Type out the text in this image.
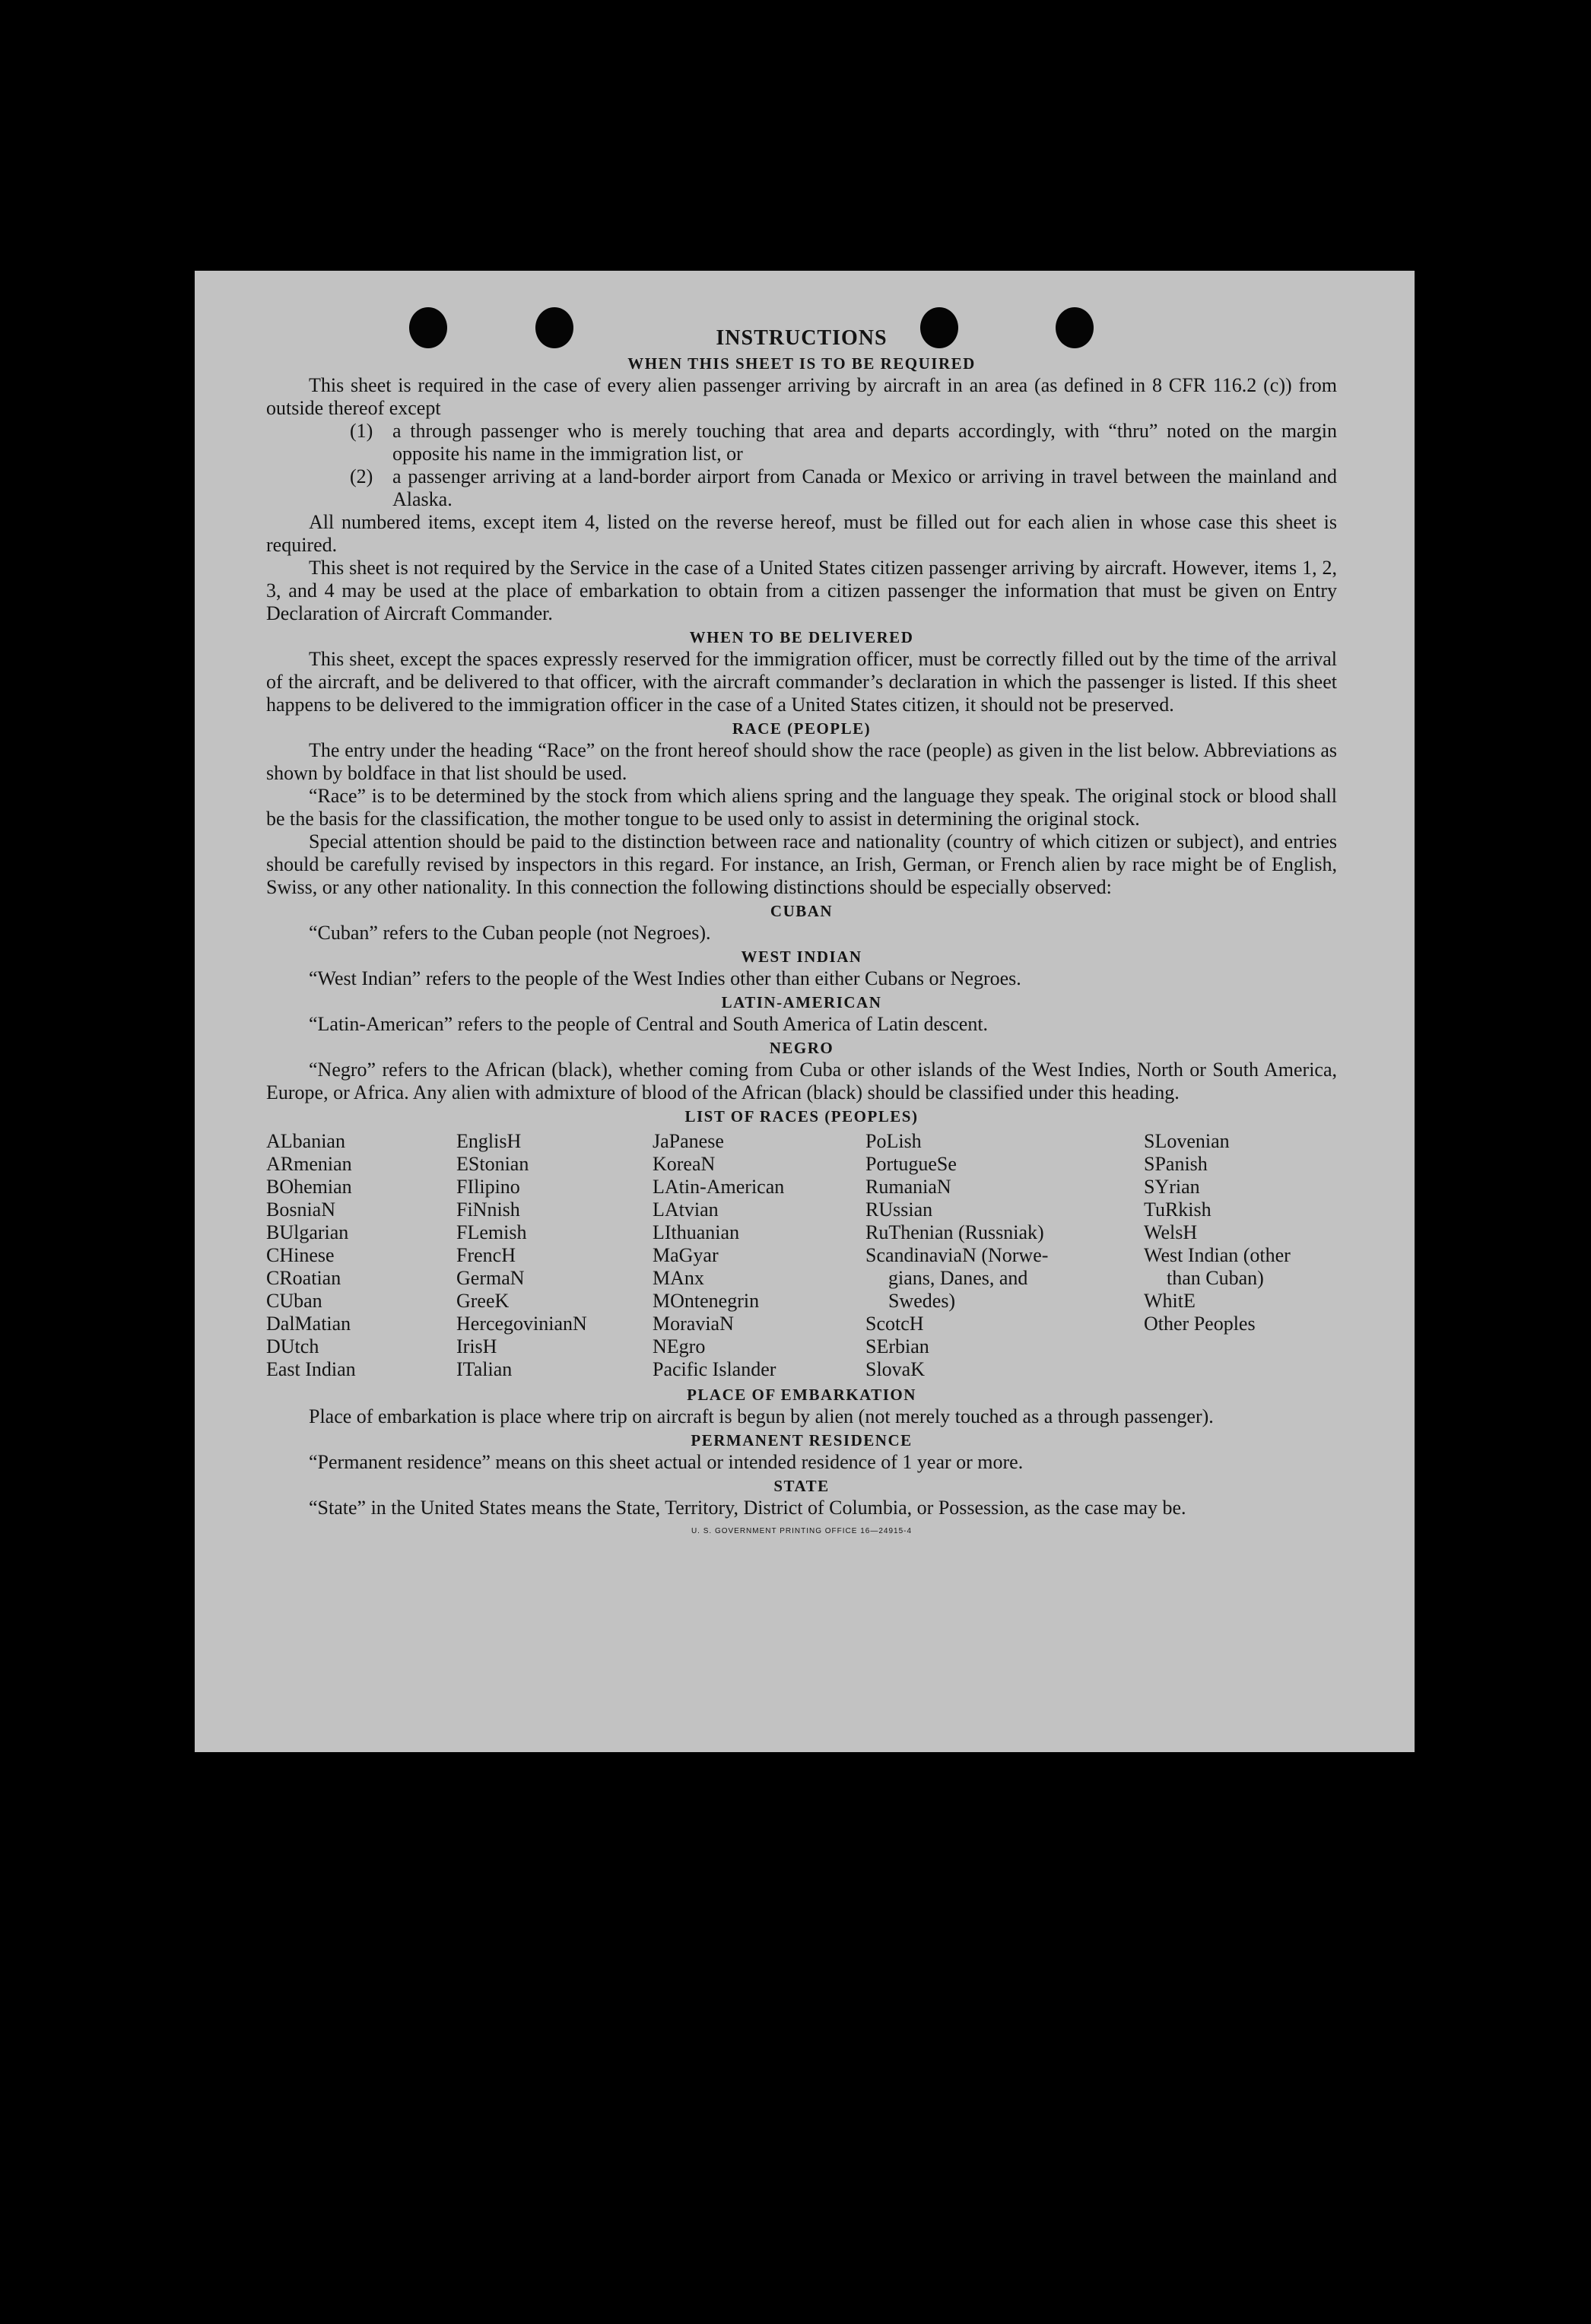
INSTRUCTIONS
WHEN THIS SHEET IS TO BE REQUIRED

This sheet is required in the case of every alien passenger arriving by aircraft in an area (as defined in 8 CFR 116.2 (c)) from outside thereof except

(1) a through passenger who is merely touching that area and departs accordingly, with “thru” noted on the margin opposite his name in the immigration list, or
(2) a passenger arriving at a land-border airport from Canada or Mexico or arriving in travel between the mainland and Alaska.

All numbered items, except item 4, listed on the reverse hereof, must be filled out for each alien in whose case this sheet is required.

This sheet is not required by the Service in the case of a United States citizen passenger arriving by aircraft. However, items 1, 2, 3, and 4 may be used at the place of embarkation to obtain from a citizen passenger the information that must be given on Entry Declaration of Aircraft Commander.

WHEN TO BE DELIVERED

This sheet, except the spaces expressly reserved for the immigration officer, must be correctly filled out by the time of the arrival of the aircraft, and be delivered to that officer, with the aircraft commander’s declaration in which the passenger is listed. If this sheet happens to be delivered to the immigration officer in the case of a United States citizen, it should not be preserved.

RACE (PEOPLE)

The entry under the heading “Race” on the front hereof should show the race (people) as given in the list below. Abbreviations as shown by boldface in that list should be used.

“Race” is to be determined by the stock from which aliens spring and the language they speak. The original stock or blood shall be the basis for the classification, the mother tongue to be used only to assist in determining the original stock.

Special attention should be paid to the distinction between race and nationality (country of which citizen or subject), and entries should be carefully revised by inspectors in this regard. For instance, an Irish, German, or French alien by race might be of English, Swiss, or any other nationality. In this connection the following distinctions should be especially observed:

CUBAN

“Cuban” refers to the Cuban people (not Negroes).

WEST INDIAN

“West Indian” refers to the people of the West Indies other than either Cubans or Negroes.

LATIN-AMERICAN

“Latin-American” refers to the people of Central and South America of Latin descent.

NEGRO

“Negro” refers to the African (black), whether coming from Cuba or other islands of the West Indies, North or South America, Europe, or Africa. Any alien with admixture of blood of the African (black) should be classified under this heading.

LIST OF RACES (PEOPLES)
ALbanian
ARmenian
BOhemian
BosniaN
BUlgarian
CHinese
CRoatian
CUban
DalMatian
DUtch
East Indian
EnglisH
EStonian
FIlipino
FiNnish
FLemish
FrencH
GermaN
GreeK
HercegovinianN
IrisH
ITalian
JaPanese
KoreaN
LAtin-American
LAtvian
LIthuanian
MaGyar
MAnx
MOntenegrin
MoraviaN
NEgro
Pacific Islander
PoLish
PortugueSe
RumaniaN
RUssian
RuThenian (Russniak)
ScandinaviaN (Norwe-
gians, Danes, and
Swedes)
ScotcH
SErbian
SlovaK
SLovenian
SPanish
SYrian
TuRkish
WelsH
West Indian (other
than Cuban)
WhitE
Other Peoples
PLACE OF EMBARKATION

Place of embarkation is place where trip on aircraft is begun by alien (not merely touched as a through passenger).

PERMANENT RESIDENCE

“Permanent residence” means on this sheet actual or intended residence of 1 year or more.

STATE

“State” in the United States means the State, Territory, District of Columbia, or Possession, as the case may be.

U. S. GOVERNMENT PRINTING OFFICE 16—24915-4
